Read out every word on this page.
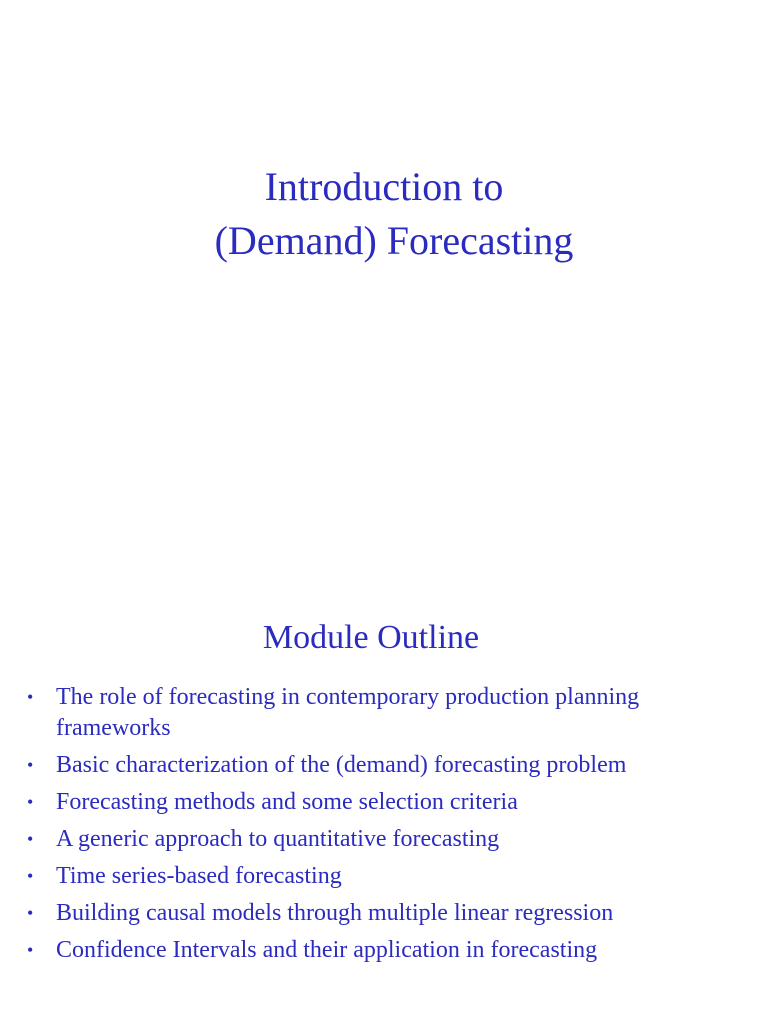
Introduction to
(Demand) Forecasting
Module Outline
• The role of forecasting in contemporary production planning frameworks
• Basic characterization of the (demand) forecasting problem
• Forecasting methods and some selection criteria
• A generic approach to quantitative forecasting
• Time series-based forecasting
• Building causal models through multiple linear regression
• Confidence Intervals and their application in forecasting
